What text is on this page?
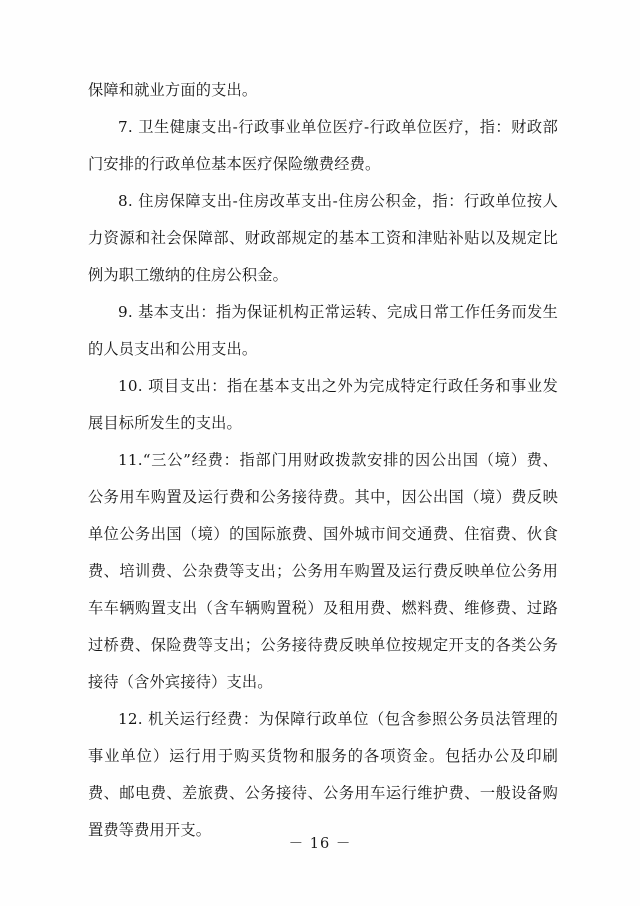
保障和就业方面的支出。

7. 卫生健康支出-行政事业单位医疗-行政单位医疗，指：财政部门安排的行政单位基本医疗保险缴费经费。

8. 住房保障支出-住房改革支出-住房公积金，指：行政单位按人力资源和社会保障部、财政部规定的基本工资和津贴补贴以及规定比例为职工缴纳的住房公积金。

9. 基本支出：指为保证机构正常运转、完成日常工作任务而发生的人员支出和公用支出。

10. 项目支出：指在基本支出之外为完成特定行政任务和事业发展目标所发生的支出。

11.“三公”经费：指部门用财政拨款安排的因公出国（境）费、公务用车购置及运行费和公务接待费。其中，因公出国（境）费反映单位公务出国（境）的国际旅费、国外城市间交通费、住宿费、伙食费、培训费、公杂费等支出；公务用车购置及运行费反映单位公务用车车辆购置支出（含车辆购置税）及租用费、燃料费、维修费、过路过桥费、保险费等支出；公务接待费反映单位按规定开支的各类公务接待（含外宾接待）支出。

12. 机关运行经费：为保障行政单位（包含参照公务员法管理的事业单位）运行用于购买货物和服务的各项资金。包括办公及印刷费、邮电费、差旅费、公务接待、公务用车运行维护费、一般设备购置费等费用开支。

－ 16 －
